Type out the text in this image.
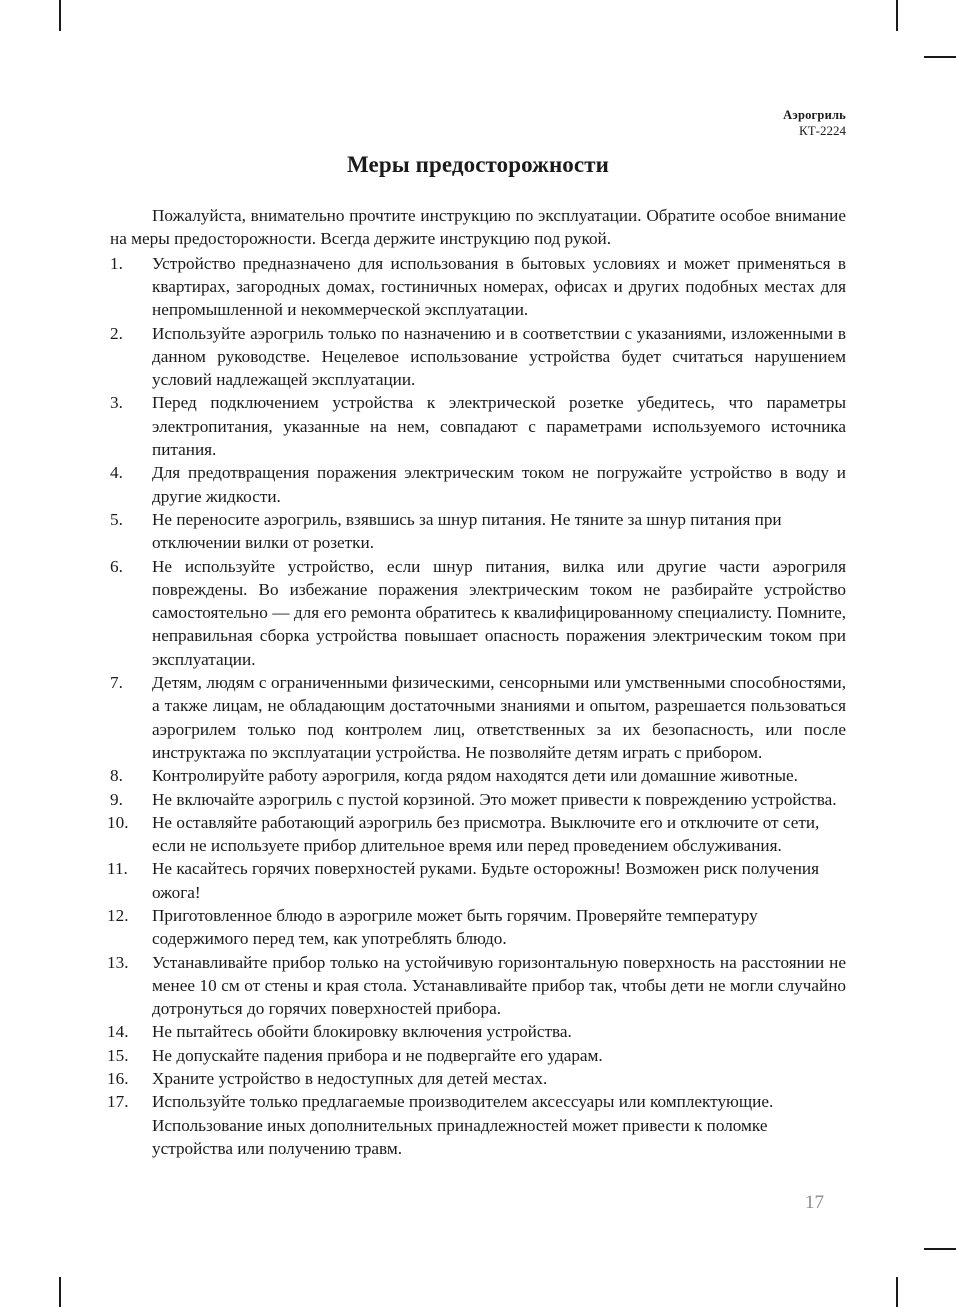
Аэрогриль
КТ-2224
Меры предосторожности

Пожалуйста, внимательно прочтите инструкцию по эксплуатации. Обратите особое внимание на меры предосторожности. Всегда держите инструкцию под рукой.

1.	Устройство предназначено для использования в бытовых условиях и может применяться в квартирах, загородных домах, гостиничных номерах, офисах и других подобных местах для непромышленной и некоммерческой эксплуатации.
2.	Используйте аэрогриль только по назначению и в соответствии с указаниями, изложенными в данном руководстве. Нецелевое использование устройства будет считаться нарушением условий надлежащей эксплуатации.
3.	Перед подключением устройства к электрической розетке убедитесь, что параметры электропитания, указанные на нем, совпадают с параметрами используемого источника питания.
4.	Для предотвращения поражения электрическим током не погружайте устройство в воду и другие жидкости.
5.	Не переносите аэрогриль, взявшись за шнур питания. Не тяните за шнур питания при отключении вилки от розетки.
6.	Не используйте устройство, если шнур питания, вилка или другие части аэрогриля повреждены. Во избежание поражения электрическим током не разбирайте устройство самостоятельно — для его ремонта обратитесь к квалифицированному специалисту. Помните, неправильная сборка устройства повышает опасность поражения электрическим током при эксплуатации.
7.	Детям, людям с ограниченными физическими, сенсорными или умственными способностями, а также лицам, не обладающим достаточными знаниями и опытом, разрешается пользоваться аэрогрилем только под контролем лиц, ответственных за их безопасность, или после инструктажа по эксплуатации устройства. Не позволяйте детям играть с прибором.
8.	Контролируйте работу аэрогриля, когда рядом находятся дети или домашние животные.
9.	Не включайте аэрогриль с пустой корзиной. Это может привести к повреждению устройства.
10.	Не оставляйте работающий аэрогриль без присмотра. Выключите его и отключите от сети, если не используете прибор длительное время или перед проведением обслуживания.
11.	Не касайтесь горячих поверхностей руками. Будьте осторожны! Возможен риск получения ожога!
12.	Приготовленное блюдо в аэрогриле может быть горячим. Проверяйте температуру содержимого перед тем, как употреблять блюдо.
13.	Устанавливайте прибор только на устойчивую горизонтальную поверхность на расстоянии не менее 10 см от стены и края стола. Устанавливайте прибор так, чтобы дети не могли случайно дотронуться до горячих поверхностей прибора.
14.	Не пытайтесь обойти блокировку включения устройства.
15.	Не допускайте падения прибора и не подвергайте его ударам.
16.	Храните устройство в недоступных для детей местах.
17.	Используйте только предлагаемые производителем аксессуары или комплектующие. Использование иных дополнительных принадлежностей может привести к поломке устройства или получению травм.
17
